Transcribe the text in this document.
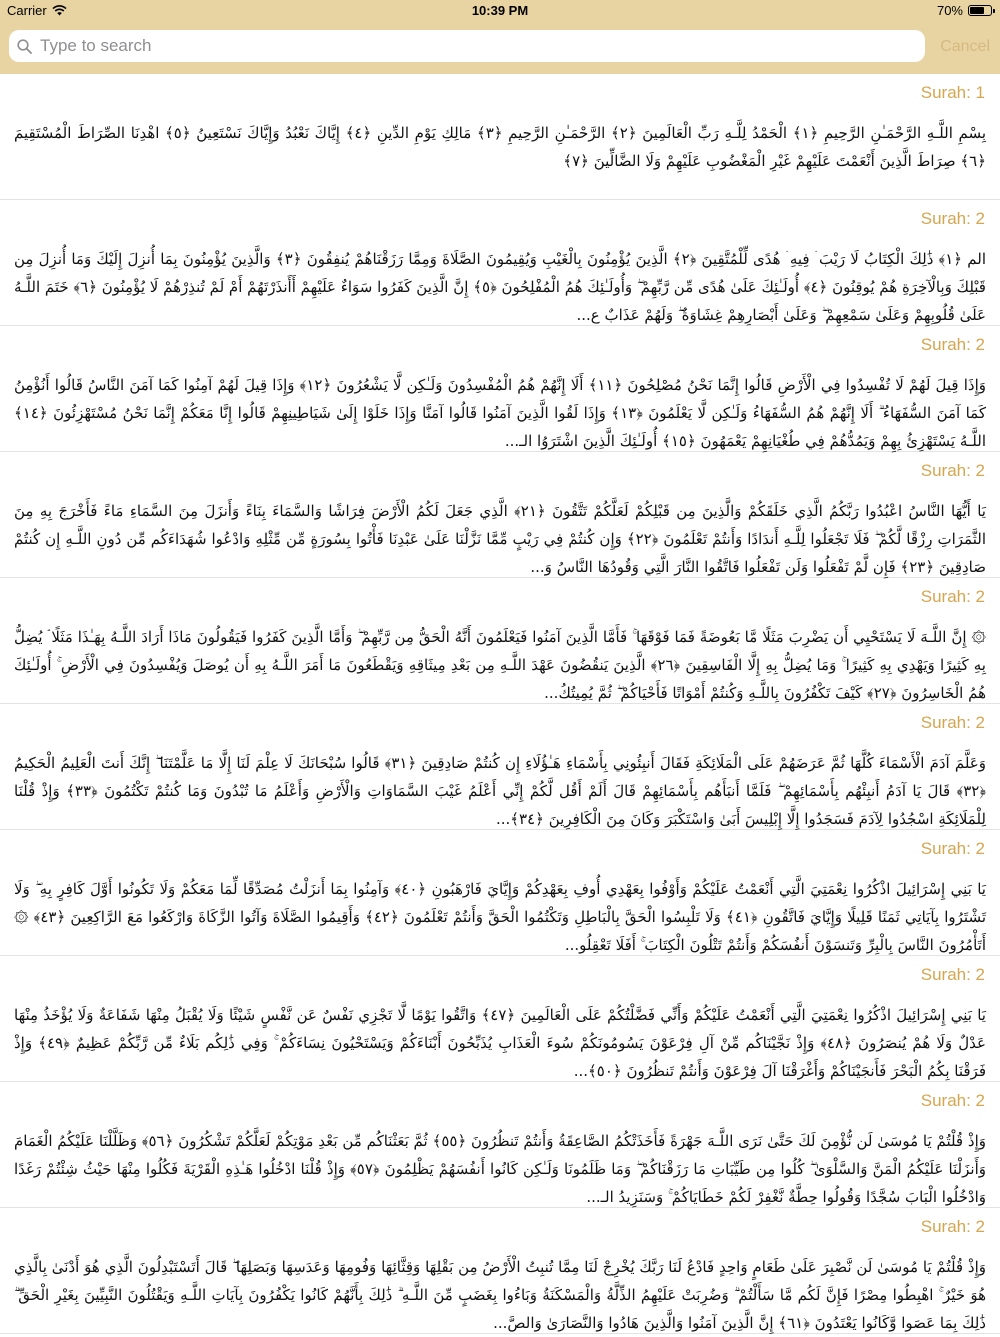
Carrier	10:39 PM	70%
Type to search
Cancel
Surah: 1
بِسْمِ اللَّـهِ الرَّحْمَـٰنِ الرَّحِيمِ ﴿١﴾ الْحَمْدُ لِلَّـهِ رَبِّ الْعَالَمِينَ ﴿٢﴾ الرَّحْمَـٰنِ الرَّحِيمِ ﴿٣﴾ مَالِكِ يَوْمِ الدِّينِ ﴿٤﴾ إِيَّاكَ نَعْبُدُ وَإِيَّاكَ نَسْتَعِينُ ﴿٥﴾ اهْدِنَا الصِّرَاطَ الْمُسْتَقِيمَ ﴿٦﴾ صِرَاطَ الَّذِينَ أَنْعَمْتَ عَلَيْهِمْ غَيْرِ الْمَغْضُوبِ عَلَيْهِمْ وَلَا الضَّالِّينَ ﴿٧﴾
Surah: 2
الم ﴿١﴾ ذَٰلِكَ الْكِتَابُ لَا رَيْبَ ۛ فِيهِ ۛ هُدًى لِّلْمُتَّقِينَ ﴿٢﴾ الَّذِينَ يُؤْمِنُونَ بِالْغَيْبِ وَيُقِيمُونَ الصَّلَاةَ وَمِمَّا رَزَقْنَاهُمْ يُنفِقُونَ ﴿٣﴾ وَالَّذِينَ يُؤْمِنُونَ بِمَا أُنزِلَ إِلَيْكَ وَمَا أُنزِلَ مِن قَبْلِكَ وَبِالْآخِرَةِ هُمْ يُوقِنُونَ ﴿٤﴾ أُولَـٰئِكَ عَلَىٰ هُدًى مِّن رَّبِّهِمْ ۖ وَأُولَـٰئِكَ هُمُ الْمُفْلِحُونَ ﴿٥﴾ إِنَّ الَّذِينَ كَفَرُوا سَوَاءٌ عَلَيْهِمْ أَأَنذَرْتَهُمْ أَمْ لَمْ تُنذِرْهُمْ لَا يُؤْمِنُونَ ﴿٦﴾ خَتَمَ اللَّـهُ عَلَىٰ قُلُوبِهِمْ وَعَلَىٰ سَمْعِهِمْ ۖ وَعَلَىٰ أَبْصَارِهِمْ غِشَاوَةٌ ۖ وَلَهُمْ عَذَابٌ ع...
Surah: 2
وَإِذَا قِيلَ لَهُمْ لَا تُفْسِدُوا فِي الْأَرْضِ قَالُوا إِنَّمَا نَحْنُ مُصْلِحُونَ ﴿١١﴾ أَلَا إِنَّهُمْ هُمُ الْمُفْسِدُونَ وَلَـٰكِن لَّا يَشْعُرُونَ ﴿١٢﴾ وَإِذَا قِيلَ لَهُمْ آمِنُوا كَمَا آمَنَ النَّاسُ قَالُوا أَنُؤْمِنُ كَمَا آمَنَ السُّفَهَاءُ ۗ أَلَا إِنَّهُمْ هُمُ السُّفَهَاءُ وَلَـٰكِن لَّا يَعْلَمُونَ ﴿١٣﴾ وَإِذَا لَقُوا الَّذِينَ آمَنُوا قَالُوا آمَنَّا وَإِذَا خَلَوْا إِلَىٰ شَيَاطِينِهِمْ قَالُوا إِنَّا مَعَكُمْ إِنَّمَا نَحْنُ مُسْتَهْزِئُونَ ﴿١٤﴾ اللَّـهُ يَسْتَهْزِئُ بِهِمْ وَيَمُدُّهُمْ فِي طُغْيَانِهِمْ يَعْمَهُونَ ﴿١٥﴾ أُولَـٰئِكَ الَّذِينَ اشْتَرَوُا الـ...
Surah: 2
يَا أَيُّهَا النَّاسُ اعْبُدُوا رَبَّكُمُ الَّذِي خَلَقَكُمْ وَالَّذِينَ مِن قَبْلِكُمْ لَعَلَّكُمْ تَتَّقُونَ ﴿٢١﴾ الَّذِي جَعَلَ لَكُمُ الْأَرْضَ فِرَاشًا وَالسَّمَاءَ بِنَاءً وَأَنزَلَ مِنَ السَّمَاءِ مَاءً فَأَخْرَجَ بِهِ مِنَ الثَّمَرَاتِ رِزْقًا لَّكُمْ ۖ فَلَا تَجْعَلُوا لِلَّـهِ أَندَادًا وَأَنتُمْ تَعْلَمُونَ ﴿٢٢﴾ وَإِن كُنتُمْ فِي رَيْبٍ مِّمَّا نَزَّلْنَا عَلَىٰ عَبْدِنَا فَأْتُوا بِسُورَةٍ مِّن مِّثْلِهِ وَادْعُوا شُهَدَاءَكُم مِّن دُونِ اللَّـهِ إِن كُنتُمْ صَادِقِينَ ﴿٢٣﴾ فَإِن لَّمْ تَفْعَلُوا وَلَن تَفْعَلُوا فَاتَّقُوا النَّارَ الَّتِي وَقُودُهَا النَّاسُ وَ...
Surah: 2
۞ إِنَّ اللَّـهَ لَا يَسْتَحْيِي أَن يَضْرِبَ مَثَلًا مَّا بَعُوضَةً فَمَا فَوْقَهَا ۚ فَأَمَّا الَّذِينَ آمَنُوا فَيَعْلَمُونَ أَنَّهُ الْحَقُّ مِن رَّبِّهِمْ ۖ وَأَمَّا الَّذِينَ كَفَرُوا فَيَقُولُونَ مَاذَا أَرَادَ اللَّـهُ بِهَـٰذَا مَثَلًا ۘ يُضِلُّ بِهِ كَثِيرًا وَيَهْدِي بِهِ كَثِيرًا ۚ وَمَا يُضِلُّ بِهِ إِلَّا الْفَاسِقِينَ ﴿٢٦﴾ الَّذِينَ يَنقُضُونَ عَهْدَ اللَّـهِ مِن بَعْدِ مِيثَاقِهِ وَيَقْطَعُونَ مَا أَمَرَ اللَّـهُ بِهِ أَن يُوصَلَ وَيُفْسِدُونَ فِي الْأَرْضِ ۚ أُولَـٰئِكَ هُمُ الْخَاسِرُونَ ﴿٢٧﴾ كَيْفَ تَكْفُرُونَ بِاللَّـهِ وَكُنتُمْ أَمْوَاتًا فَأَحْيَاكُمْ ۖ ثُمَّ يُمِيتُكُ...
Surah: 2
وَعَلَّمَ آدَمَ الْأَسْمَاءَ كُلَّهَا ثُمَّ عَرَضَهُمْ عَلَى الْمَلَائِكَةِ فَقَالَ أَنبِئُونِي بِأَسْمَاءِ هَـٰؤُلَاءِ إِن كُنتُمْ صَادِقِينَ ﴿٣١﴾ قَالُوا سُبْحَانَكَ لَا عِلْمَ لَنَا إِلَّا مَا عَلَّمْتَنَا ۖ إِنَّكَ أَنتَ الْعَلِيمُ الْحَكِيمُ ﴿٣٢﴾ قَالَ يَا آدَمُ أَنبِئْهُم بِأَسْمَائِهِمْ ۖ فَلَمَّا أَنبَأَهُم بِأَسْمَائِهِمْ قَالَ أَلَمْ أَقُل لَّكُمْ إِنِّي أَعْلَمُ غَيْبَ السَّمَاوَاتِ وَالْأَرْضِ وَأَعْلَمُ مَا تُبْدُونَ وَمَا كُنتُمْ تَكْتُمُونَ ﴿٣٣﴾ وَإِذْ قُلْنَا لِلْمَلَائِكَةِ اسْجُدُوا لِآدَمَ فَسَجَدُوا إِلَّا إِبْلِيسَ أَبَىٰ وَاسْتَكْبَرَ وَكَانَ مِنَ الْكَافِرِينَ ﴿٣٤﴾...
Surah: 2
يَا بَنِي إِسْرَائِيلَ اذْكُرُوا نِعْمَتِيَ الَّتِي أَنْعَمْتُ عَلَيْكُمْ وَأَوْفُوا بِعَهْدِي أُوفِ بِعَهْدِكُمْ وَإِيَّايَ فَارْهَبُونِ ﴿٤٠﴾ وَآمِنُوا بِمَا أَنزَلْتُ مُصَدِّقًا لِّمَا مَعَكُمْ وَلَا تَكُونُوا أَوَّلَ كَافِرٍ بِهِ ۖ وَلَا تَشْتَرُوا بِآيَاتِي ثَمَنًا قَلِيلًا وَإِيَّايَ فَاتَّقُونِ ﴿٤١﴾ وَلَا تَلْبِسُوا الْحَقَّ بِالْبَاطِلِ وَتَكْتُمُوا الْحَقَّ وَأَنتُمْ تَعْلَمُونَ ﴿٤٢﴾ وَأَقِيمُوا الصَّلَاةَ وَآتُوا الزَّكَاةَ وَارْكَعُوا مَعَ الرَّاكِعِينَ ﴿٤٣﴾ ۞ أَتَأْمُرُونَ النَّاسَ بِالْبِرِّ وَتَنسَوْنَ أَنفُسَكُمْ وَأَنتُمْ تَتْلُونَ الْكِتَابَ ۚ أَفَلَا تَعْقِلُو...
Surah: 2
يَا بَنِي إِسْرَائِيلَ اذْكُرُوا نِعْمَتِيَ الَّتِي أَنْعَمْتُ عَلَيْكُمْ وَأَنِّي فَضَّلْتُكُمْ عَلَى الْعَالَمِينَ ﴿٤٧﴾ وَاتَّقُوا يَوْمًا لَّا تَجْزِي نَفْسٌ عَن نَّفْسٍ شَيْئًا وَلَا يُقْبَلُ مِنْهَا شَفَاعَةٌ وَلَا يُؤْخَذُ مِنْهَا عَدْلٌ وَلَا هُمْ يُنصَرُونَ ﴿٤٨﴾ وَإِذْ نَجَّيْنَاكُم مِّنْ آلِ فِرْعَوْنَ يَسُومُونَكُمْ سُوءَ الْعَذَابِ يُذَبِّحُونَ أَبْنَاءَكُمْ وَيَسْتَحْيُونَ نِسَاءَكُمْ ۚ وَفِي ذَٰلِكُم بَلَاءٌ مِّن رَّبِّكُمْ عَظِيمٌ ﴿٤٩﴾ وَإِذْ فَرَقْنَا بِكُمُ الْبَحْرَ فَأَنجَيْنَاكُمْ وَأَغْرَقْنَا آلَ فِرْعَوْنَ وَأَنتُمْ تَنظُرُونَ ﴿٥٠﴾...
Surah: 2
وَإِذْ قُلْتُمْ يَا مُوسَىٰ لَن نُّؤْمِنَ لَكَ حَتَّىٰ نَرَى اللَّـهَ جَهْرَةً فَأَخَذَتْكُمُ الصَّاعِقَةُ وَأَنتُمْ تَنظُرُونَ ﴿٥٥﴾ ثُمَّ بَعَثْنَاكُم مِّن بَعْدِ مَوْتِكُمْ لَعَلَّكُمْ تَشْكُرُونَ ﴿٥٦﴾ وَظَلَّلْنَا عَلَيْكُمُ الْغَمَامَ وَأَنزَلْنَا عَلَيْكُمُ الْمَنَّ وَالسَّلْوَىٰ ۖ كُلُوا مِن طَيِّبَاتِ مَا رَزَقْنَاكُمْ ۖ وَمَا ظَلَمُونَا وَلَـٰكِن كَانُوا أَنفُسَهُمْ يَظْلِمُونَ ﴿٥٧﴾ وَإِذْ قُلْنَا ادْخُلُوا هَـٰذِهِ الْقَرْيَةَ فَكُلُوا مِنْهَا حَيْثُ شِئْتُمْ رَغَدًا وَادْخُلُوا الْبَابَ سُجَّدًا وَقُولُوا حِطَّةٌ نَّغْفِرْ لَكُمْ خَطَايَاكُمْ ۚ وَسَنَزِيدُ الـ...
Surah: 2
وَإِذْ قُلْتُمْ يَا مُوسَىٰ لَن نَّصْبِرَ عَلَىٰ طَعَامٍ وَاحِدٍ فَادْعُ لَنَا رَبَّكَ يُخْرِجْ لَنَا مِمَّا تُنبِتُ الْأَرْضُ مِن بَقْلِهَا وَقِثَّائِهَا وَفُومِهَا وَعَدَسِهَا وَبَصَلِهَا ۖ قَالَ أَتَسْتَبْدِلُونَ الَّذِي هُوَ أَدْنَىٰ بِالَّذِي هُوَ خَيْرٌ ۚ اهْبِطُوا مِصْرًا فَإِنَّ لَكُم مَّا سَأَلْتُمْ ۗ وَضُرِبَتْ عَلَيْهِمُ الذِّلَّةُ وَالْمَسْكَنَةُ وَبَاءُوا بِغَضَبٍ مِّنَ اللَّـهِ ۗ ذَٰلِكَ بِأَنَّهُمْ كَانُوا يَكْفُرُونَ بِآيَاتِ اللَّـهِ وَيَقْتُلُونَ النَّبِيِّينَ بِغَيْرِ الْحَقِّ ۗ ذَٰلِكَ بِمَا عَصَوا وَّكَانُوا يَعْتَدُونَ ﴿٦١﴾ إِنَّ الَّذِينَ آمَنُوا وَالَّذِينَ هَادُوا وَالنَّصَارَىٰ وَالصَّ...
